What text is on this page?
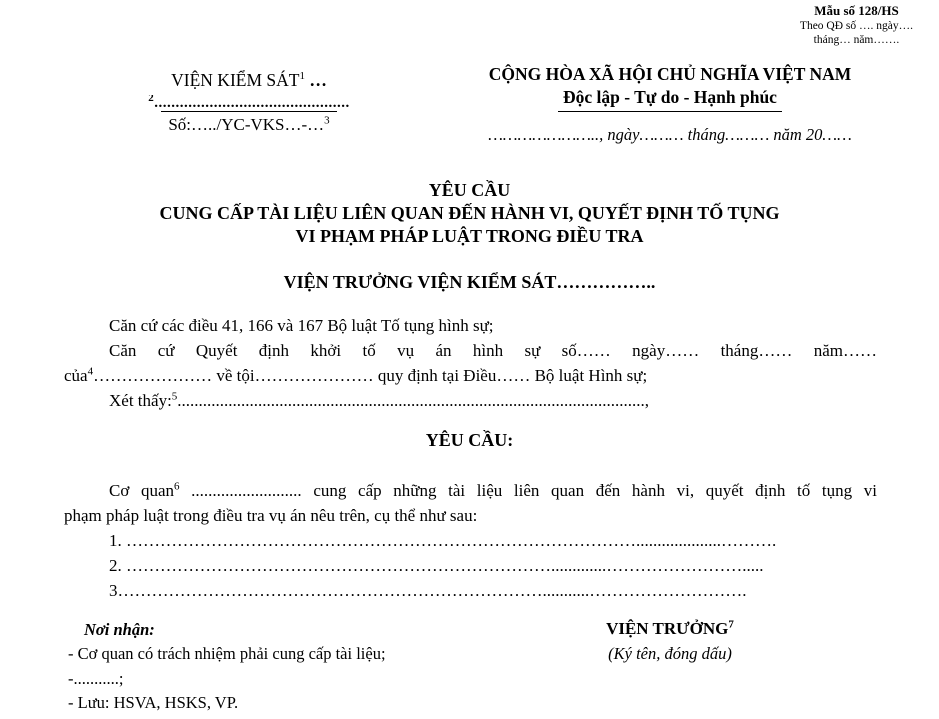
Mẫu số 128/HS
Theo QĐ số …. ngày….
tháng… năm…….
VIỆN KIỂM SÁT$^1$ …
$^2$..............................................
Số:…../YC-VKS…-…$^3$
CỘNG HÒA XÃ HỘI CHỦ NGHĨA VIỆT NAM
Độc lập - Tự do - Hạnh phúc
………………….., ngày……… tháng……… năm 20……
YÊU CẦU
CUNG CẤP TÀI LIỆU LIÊN QUAN ĐẾN HÀNH VI, QUYẾT ĐỊNH TỐ TỤNG
VI PHẠM PHÁP LUẬT TRONG ĐIỀU TRA
VIỆN TRƯỞNG VIỆN KIỂM SÁT……………..
Căn cứ các điều 41, 166 và 167 Bộ luật Tố tụng hình sự;
Căn cứ Quyết định khởi tố vụ án hình sự số…… ngày…… tháng…… năm……
của$^4$………………… về tội………………… quy định tại Điều…… Bộ luật Hình sự;
Xét thấy:$^5$..............................................................................................................,
YÊU CẦU:
Cơ quan$^6$ .......................... cung cấp những tài liệu liên quan đến hành vi, quyết định tố tụng vi
phạm pháp luật trong điều tra vụ án nêu trên, cụ thể như sau:
1. ………………………………………………………………………………....................……….
2. ………………………………………………………………….............…………………….....
3…………………………………………………………………...........……………………….
Nơi nhận:
- Cơ quan có trách nhiệm phải cung cấp tài liệu;
-...........;
- Lưu: HSVA, HSKS, VP.
VIỆN TRƯỞNG$^7$
(Ký tên, đóng dấu)
